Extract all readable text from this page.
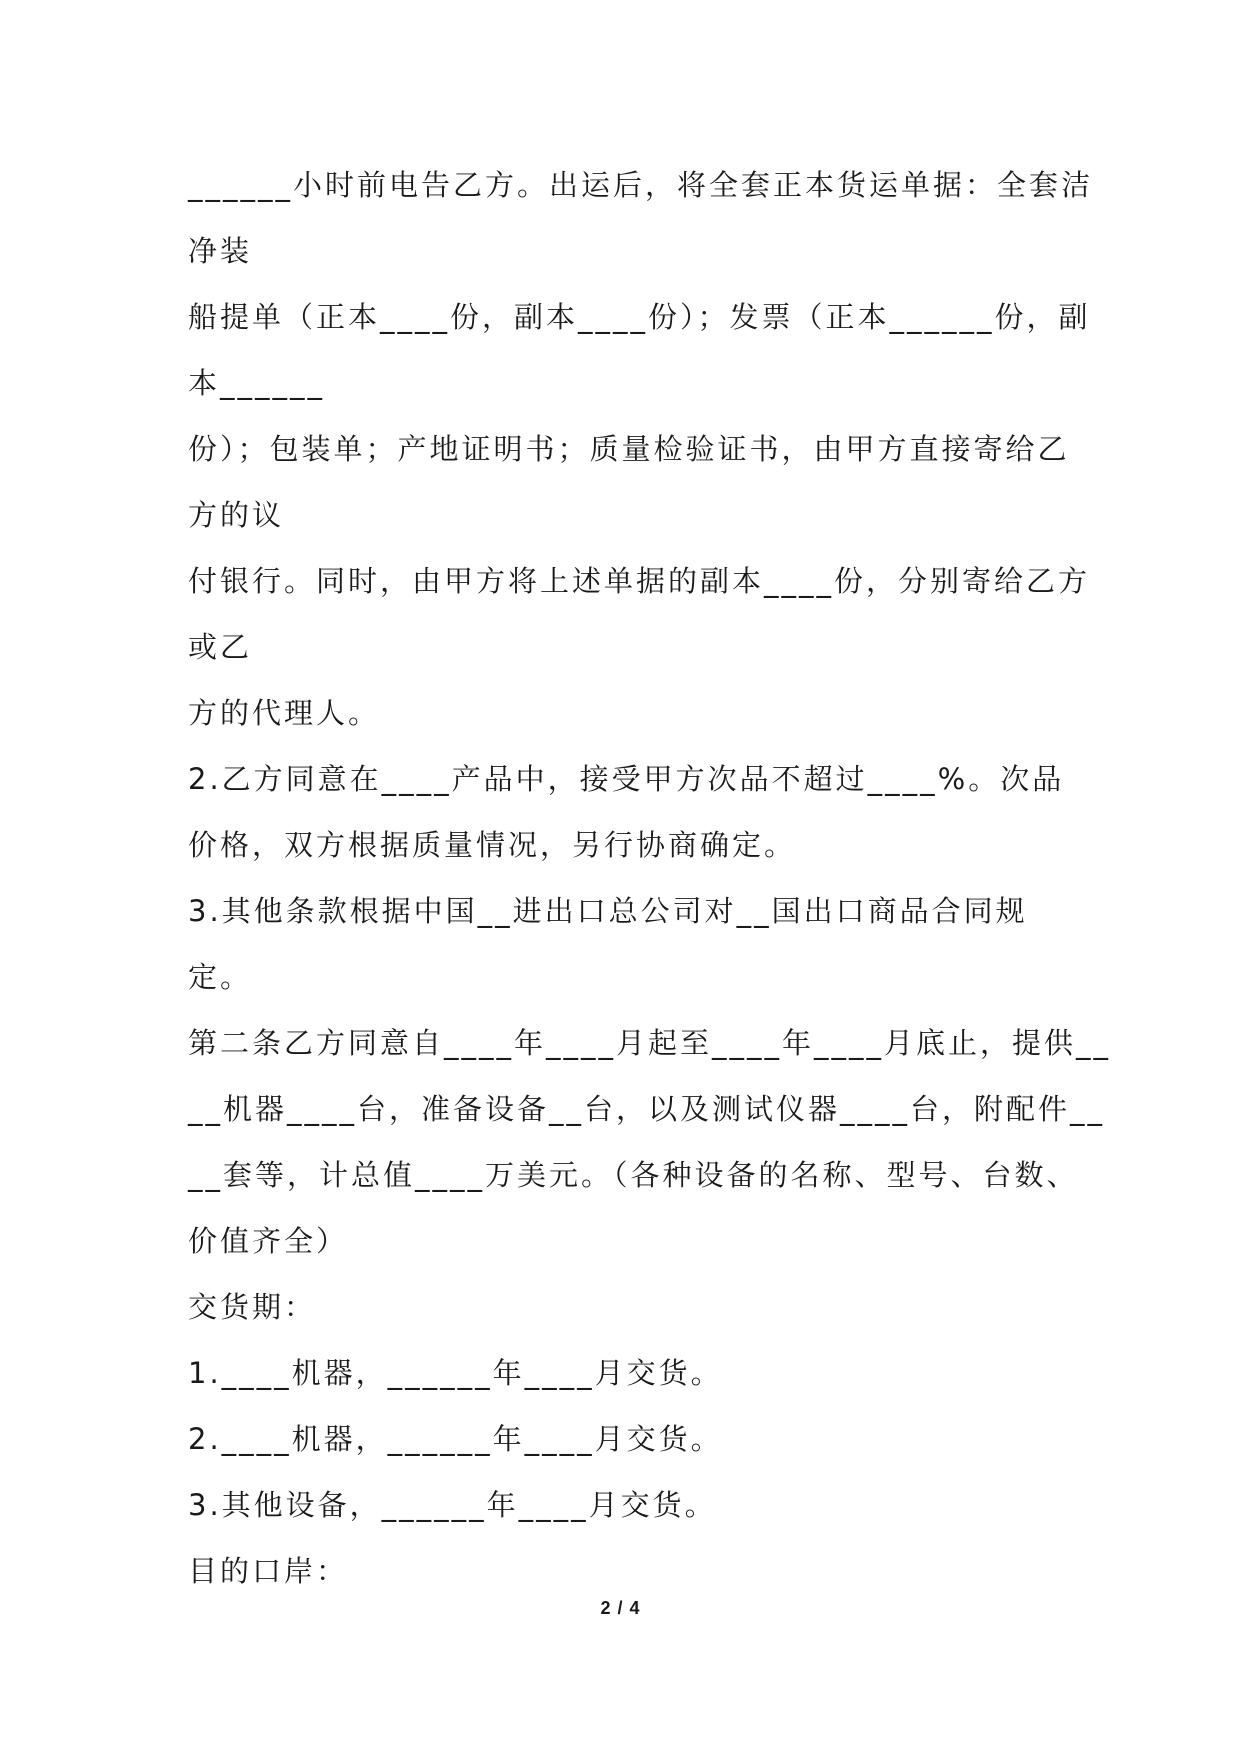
______小时前电告乙方。出运后，将全套正本货运单据：全套洁
净装
船提单（正本____份，副本____份）；发票（正本______份，副
本______
份）；包装单；产地证明书；质量检验证书，由甲方直接寄给乙
方的议
付银行。同时，由甲方将上述单据的副本____份，分别寄给乙方
或乙
方的代理人。
2.乙方同意在____产品中，接受甲方次品不超过____%。次品
价格，双方根据质量情况，另行协商确定。
3.其他条款根据中国__进出口总公司对__国出口商品合同规
定。
第二条乙方同意自____年____月起至____年____月底止，提供__
__机器____台，准备设备__台，以及测试仪器____台，附配件__
__套等，计总值____万美元。（各种设备的名称、型号、台数、
价值齐全）
交货期：
1.____机器，______年____月交货。
2.____机器，______年____月交货。
3.其他设备，______年____月交货。
目的口岸：
2 / 4
